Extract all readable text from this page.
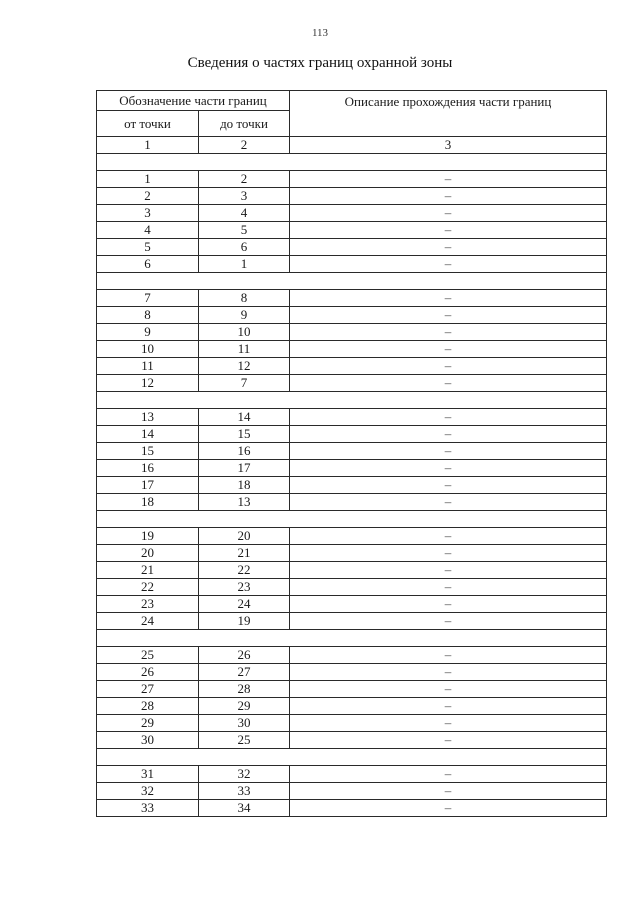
113
Сведения о частях границ охранной зоны
Обозначение части границ		Описание прохождения части границ
от точки	до точки	
1	2	3

1	2	–
2	3	–
3	4	–
4	5	–
5	6	–
6	1	–

7	8	–
8	9	–
9	10	–
10	11	–
11	12	–
12	7	–

13	14	–
14	15	–
15	16	–
16	17	–
17	18	–
18	13	–

19	20	–
20	21	–
21	22	–
22	23	–
23	24	–
24	19	–

25	26	–
26	27	–
27	28	–
28	29	–
29	30	–
30	25	–

31	32	–
32	33	–
33	34	–
